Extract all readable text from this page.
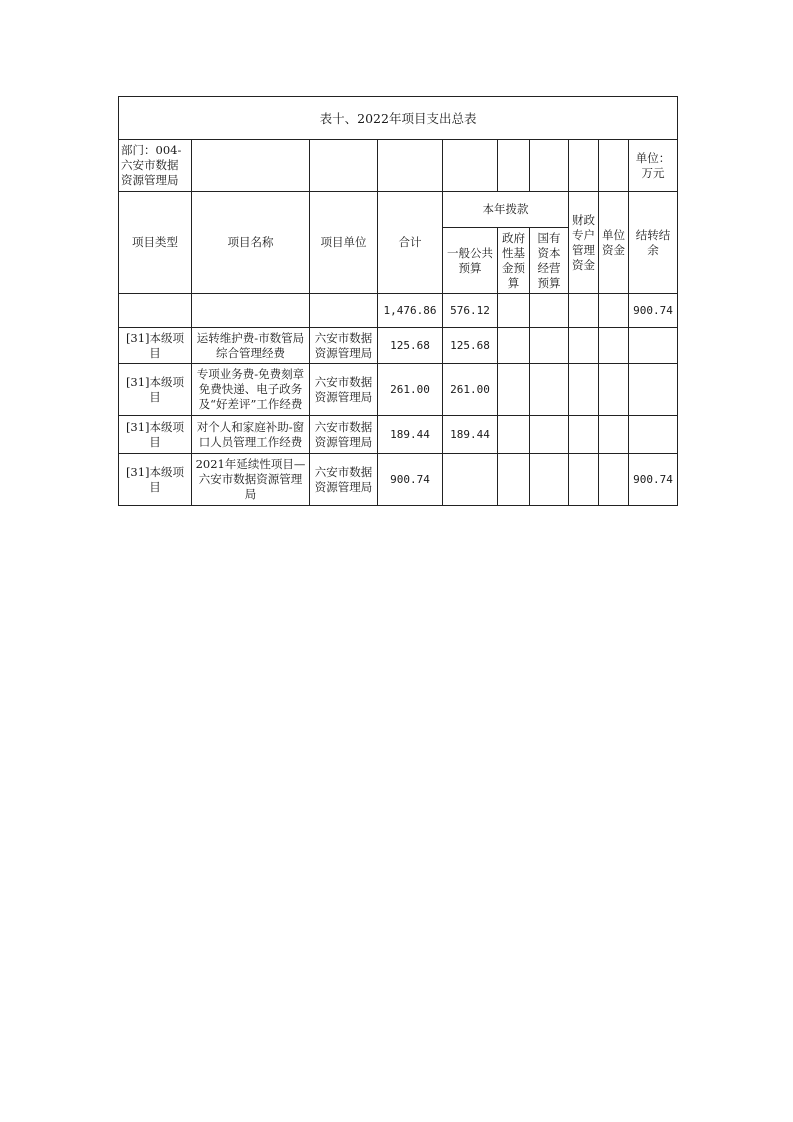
表十、2022年项目支出总表									
部门：004-六安市数据资源管理局									单位：万元
项目类型	项目名称	项目单位	合计	本年拨款			财政专户管理资金	单位资金	结转结余
				一般公共预算	政府性基金预算	国有资本经营预算			
			1,476.86	576.12					900.74
[31]本级项目	运转维护费-市数管局综合管理经费	六安市数据资源管理局	125.68	125.68					
[31]本级项目	专项业务费-免费刻章免费快递、电子政务及“好差评”工作经费	六安市数据资源管理局	261.00	261.00					
[31]本级项目	对个人和家庭补助-窗口人员管理工作经费	六安市数据资源管理局	189.44	189.44					
[31]本级项目	2021年延续性项目—六安市数据资源管理局	六安市数据资源管理局	900.74						900.74
